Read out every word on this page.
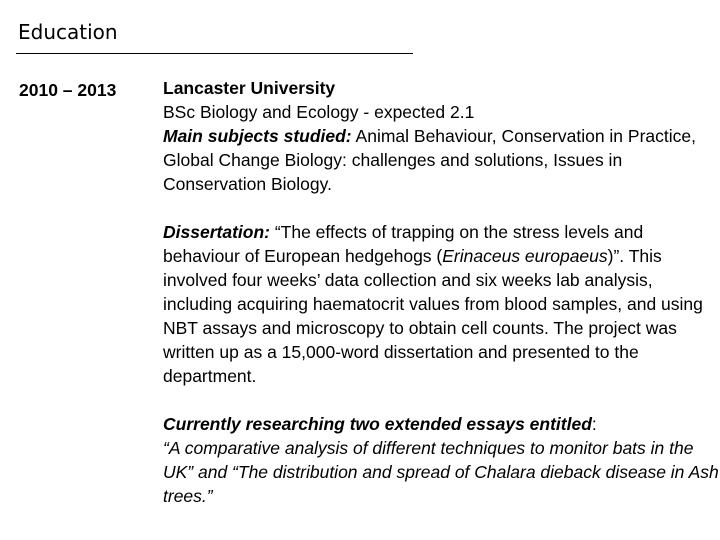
Education
2010 – 2013	Lancaster University

BSc Biology and Ecology - expected 2.1

Main subjects studied: Animal Behaviour, Conservation in Practice, Global Change Biology: challenges and solutions, Issues in Conservation Biology.

Dissertation: “The effects of trapping on the stress levels and behaviour of European hedgehogs (Erinaceus europaeus)”. This involved four weeks’ data collection and six weeks lab analysis, including acquiring haematocrit values from blood samples, and using NBT assays and microscopy to obtain cell counts. The project was written up as a 15,000-word dissertation and presented to the department.

Currently researching two extended essays entitled:
“A comparative analysis of different techniques to monitor bats in the UK” and “The distribution and spread of Chalara dieback disease in Ash trees.”
